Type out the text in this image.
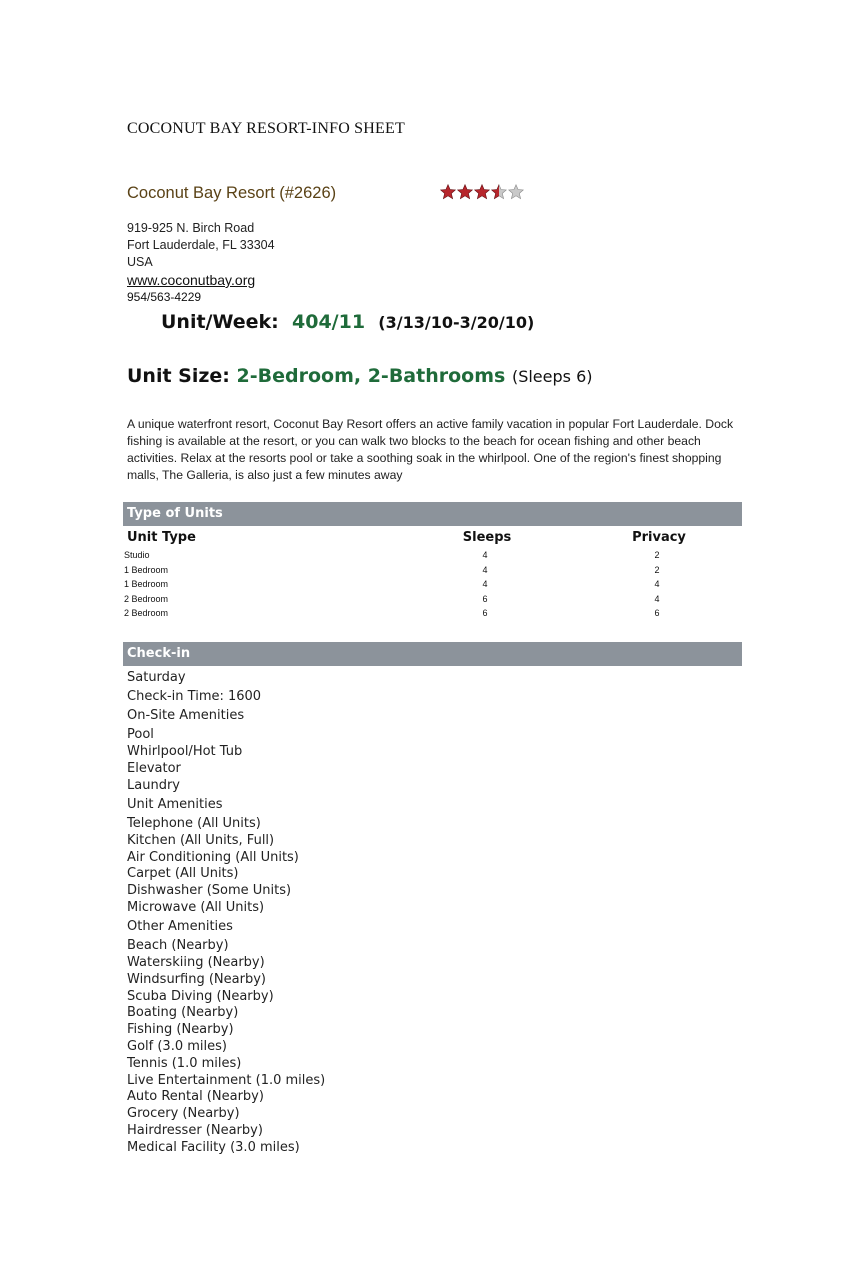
COCONUT BAY RESORT-INFO SHEET
Coconut Bay Resort (#2626)
919-925 N. Birch Road
Fort Lauderdale, FL 33304
USA
www.coconutbay.org
954/563-4229
Unit/Week: 404/11 (3/13/10-3/20/10)
Unit Size: 2-Bedroom, 2-Bathrooms (Sleeps 6)
A unique waterfront resort, Coconut Bay Resort offers an active family vacation in popular Fort Lauderdale. Dock fishing is available at the resort, or you can walk two blocks to the beach for ocean fishing and other beach activities. Relax at the resorts pool or take a soothing soak in the whirlpool. One of the region's finest shopping malls, The Galleria, is also just a few minutes away
Type of Units
Unit Type	Sleeps	Privacy
Studio	4	2
1 Bedroom	4	2
1 Bedroom	4	4
2 Bedroom	6	4
2 Bedroom	6	6
Check-in
Saturday
Check-in Time: 1600
On-Site Amenities
Pool
Whirlpool/Hot Tub
Elevator
Laundry
Unit Amenities
Telephone (All Units)
Kitchen (All Units, Full)
Air Conditioning (All Units)
Carpet (All Units)
Dishwasher (Some Units)
Microwave (All Units)
Other Amenities
Beach (Nearby)
Waterskiing (Nearby)
Windsurfing (Nearby)
Scuba Diving (Nearby)
Boating (Nearby)
Fishing (Nearby)
Golf (3.0 miles)
Tennis (1.0 miles)
Live Entertainment (1.0 miles)
Auto Rental (Nearby)
Grocery (Nearby)
Hairdresser (Nearby)
Medical Facility (3.0 miles)
